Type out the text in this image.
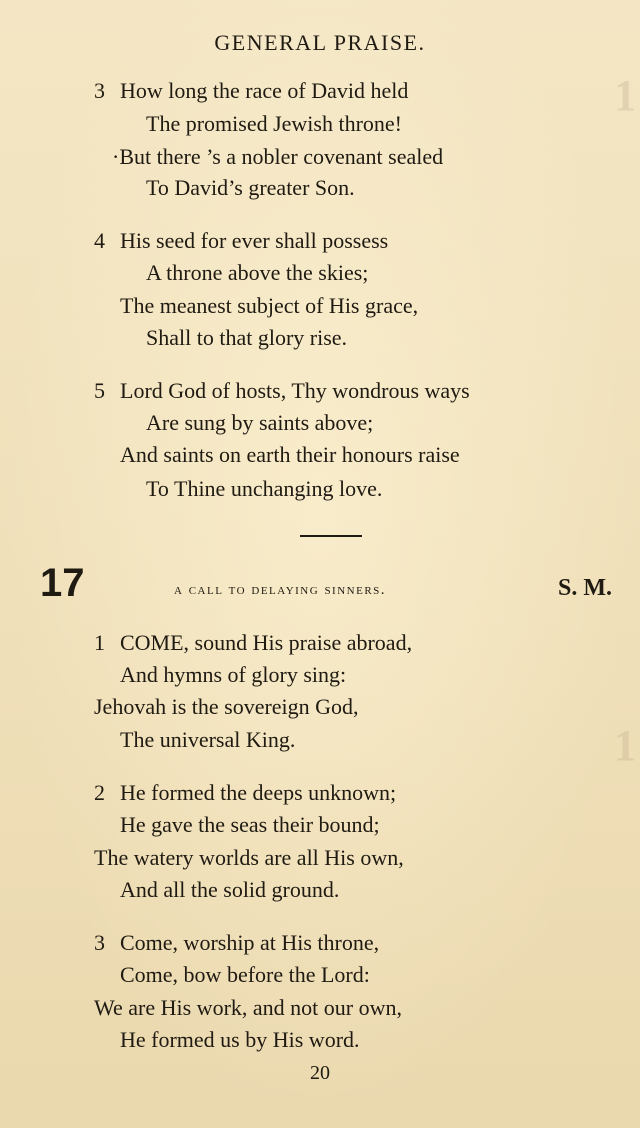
1
1
GENERAL PRAISE.
3 How long the race of David held
The promised Jewish throne!
·But there ’s a nobler covenant sealed
To David’s greater Son.
4 His seed for ever shall possess
A throne above the skies;
The meanest subject of His grace,
Shall to that glory rise.
5 Lord God of hosts, Thy wondrous ways
Are sung by saints above;
And saints on earth their honours raise
To Thine unchanging love.
17	a call to delaying sinners.	S. M.
1 COME, sound His praise abroad,
And hymns of glory sing:
Jehovah is the sovereign God,
The universal King.
2 He formed the deeps unknown;
He gave the seas their bound;
The watery worlds are all His own,
And all the solid ground.
3 Come, worship at His throne,
Come, bow before the Lord:
We are His work, and not our own,
He formed us by His word.
20
